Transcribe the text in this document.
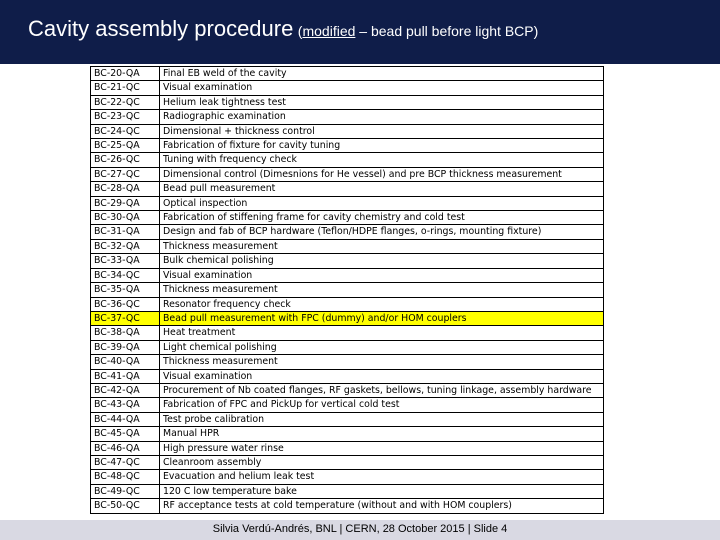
Cavity assembly procedure (modified – bead pull before light BCP)
BC-20-QA	Final EB weld of the cavity
BC-21-QC	Visual examination
BC-22-QC	Helium leak tightness test
BC-23-QC	Radiographic examination
BC-24-QC	Dimensional + thickness control
BC-25-QA	Fabrication of fixture for cavity tuning
BC-26-QC	Tuning with frequency check
BC-27-QC	Dimensional control (Dimesnions for He vessel) and pre BCP thickness measurement
BC-28-QA	Bead pull measurement
BC-29-QA	Optical inspection
BC-30-QA	Fabrication of stiffening frame for cavity chemistry and cold test
BC-31-QA	Design and fab of BCP hardware (Teflon/HDPE flanges, o-rings, mounting fixture)
BC-32-QA	Thickness measurement
BC-33-QA	Bulk chemical polishing
BC-34-QC	Visual examination
BC-35-QA	Thickness measurement
BC-36-QC	Resonator frequency check
BC-37-QC	Bead pull measurement with FPC (dummy) and/or HOM couplers
BC-38-QA	Heat treatment
BC-39-QA	Light chemical polishing
BC-40-QA	Thickness measurement
BC-41-QA	Visual examination
BC-42-QA	Procurement of Nb coated flanges, RF gaskets, bellows, tuning linkage, assembly hardware
BC-43-QA	Fabrication of FPC and PickUp for vertical cold test
BC-44-QA	Test probe calibration
BC-45-QA	Manual HPR
BC-46-QA	High pressure water rinse
BC-47-QC	Cleanroom assembly
BC-48-QC	Evacuation and helium leak test
BC-49-QC	120 C low temperature bake
BC-50-QC	RF acceptance tests at cold temperature (without and with HOM couplers)
Silvia Verdú-Andrés, BNL | CERN, 28 October 2015 | Slide 4
